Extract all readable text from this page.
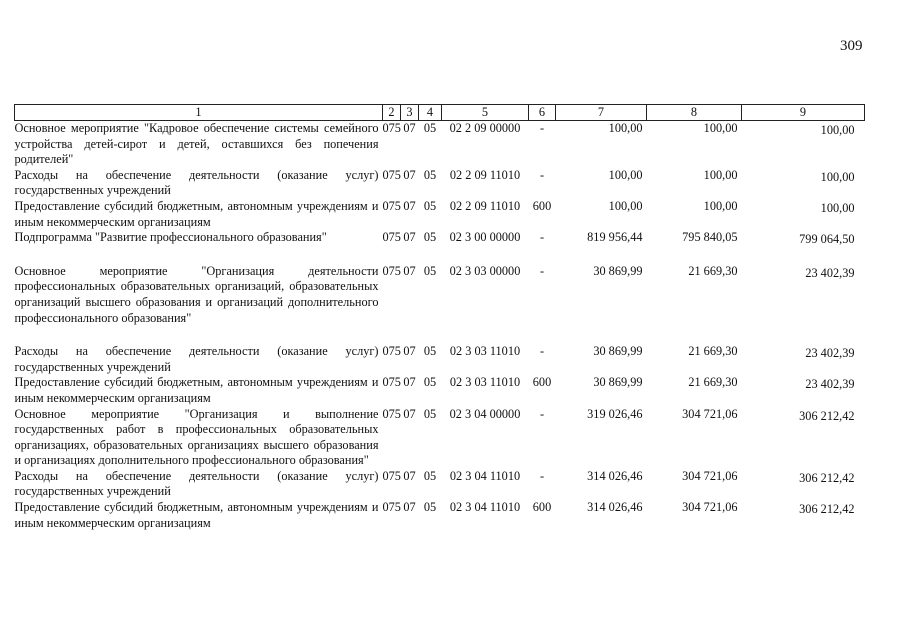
309
1	2	3	4	5	6	7	8	9
Основное мероприятие "Кадровое обеспечение системы семейного устройства детей-сирот и детей, оставшихся без попечения родителей"	075	07	05	02 2 09 00000	-	100,00	100,00	100,00
Расходы на обеспечение деятельности (оказание услуг) государственных учреждений	075	07	05	02 2 09 11010	-	100,00	100,00	100,00
Предоставление субсидий бюджетным, автономным учреждениям и иным некоммерческим организациям	075	07	05	02 2 09 11010	600	100,00	100,00	100,00
Подпрограмма "Развитие профессионального образования"	075	07	05	02 3 00 00000	-	819 956,44	795 840,05	799 064,50
Основное мероприятие "Организация деятельности профессиональных образовательных организаций, образовательных организаций высшего образования и организаций дополнительного профессионального образования"	075	07	05	02 3 03 00000	-	30 869,99	21 669,30	23 402,39
Расходы на обеспечение деятельности (оказание услуг) государственных учреждений	075	07	05	02 3 03 11010	-	30 869,99	21 669,30	23 402,39
Предоставление субсидий бюджетным, автономным учреждениям и иным некоммерческим организациям	075	07	05	02 3 03 11010	600	30 869,99	21 669,30	23 402,39
Основное мероприятие "Организация и выполнение государственных работ в профессиональных образовательных организациях, образовательных организациях высшего образования и организациях дополнительного профессионального образования"	075	07	05	02 3 04 00000	-	319 026,46	304 721,06	306 212,42
Расходы на обеспечение деятельности (оказание услуг) государственных учреждений	075	07	05	02 3 04 11010	-	314 026,46	304 721,06	306 212,42
Предоставление субсидий бюджетным, автономным учреждениям и иным некоммерческим организациям	075	07	05	02 3 04 11010	600	314 026,46	304 721,06	306 212,42
